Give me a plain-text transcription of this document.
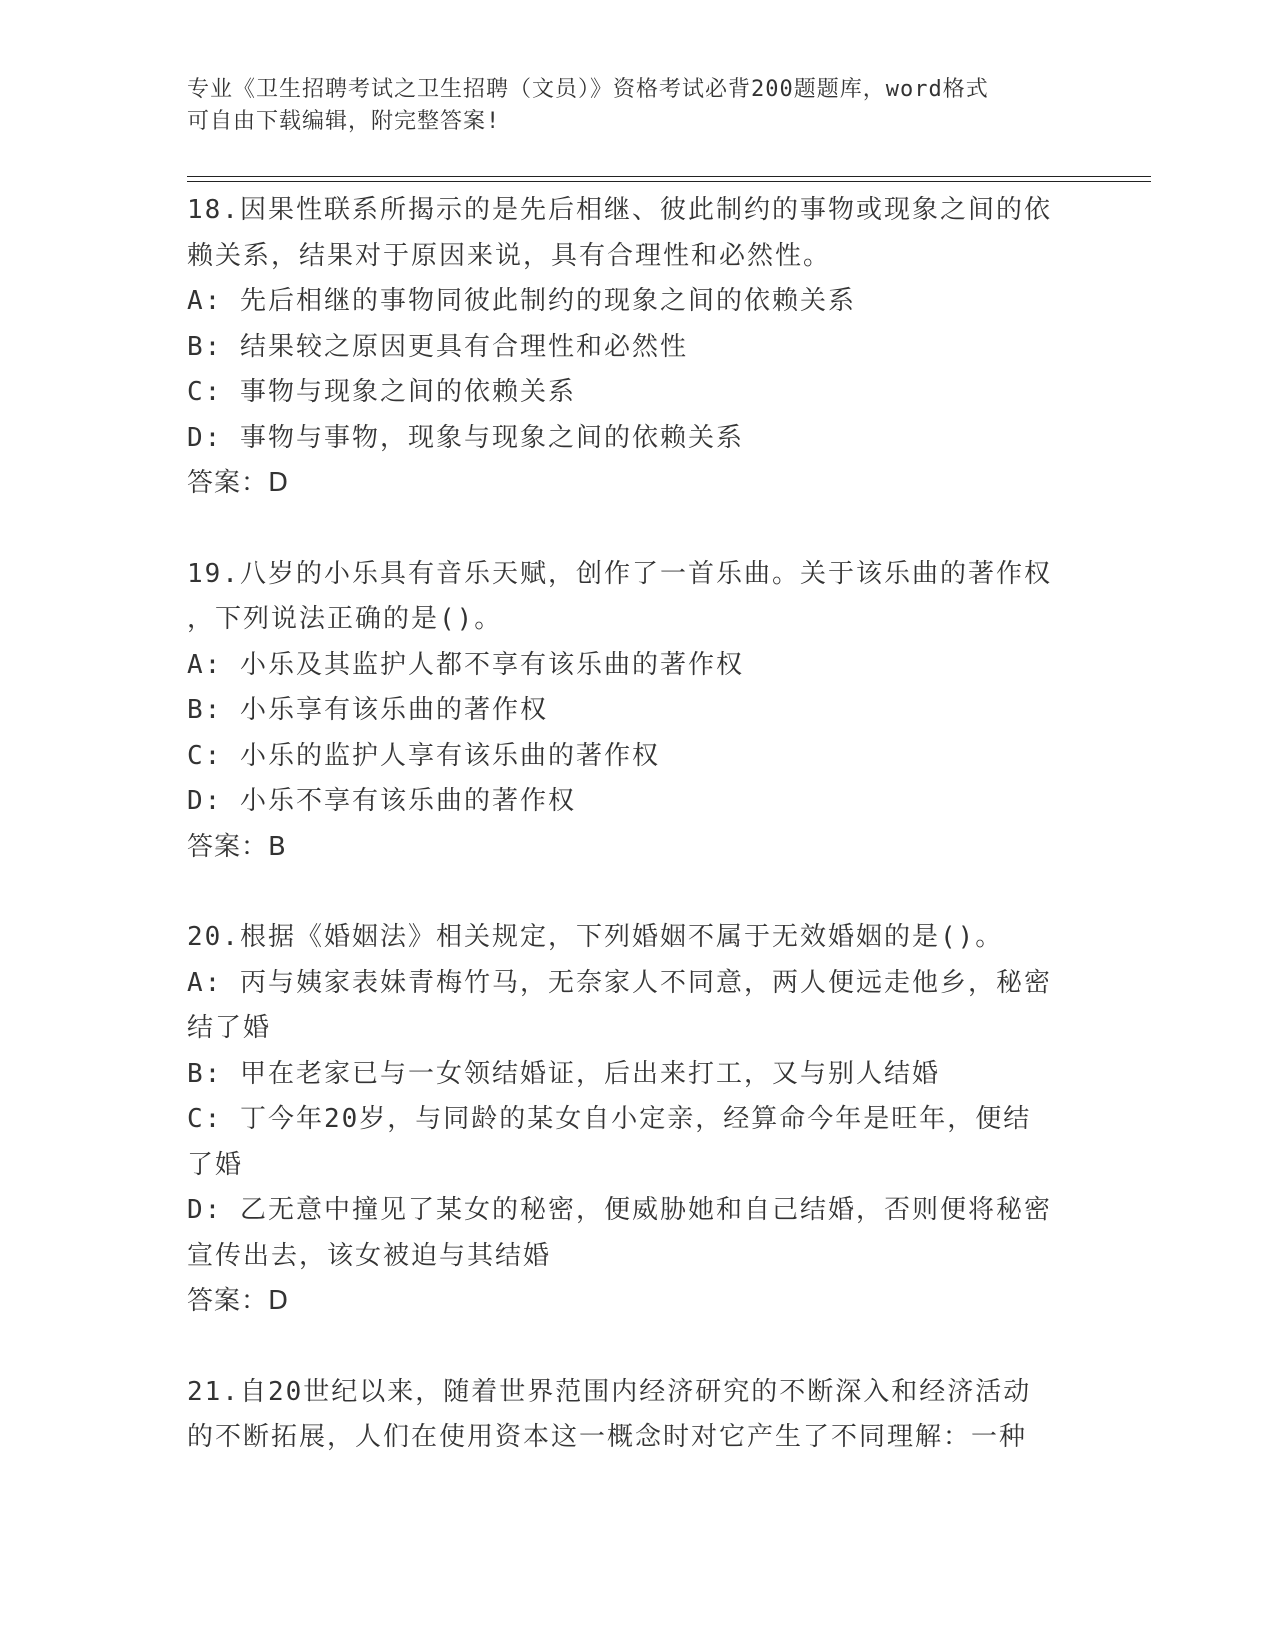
专业《卫生招聘考试之卫生招聘（文员）》资格考试必背200题题库，word格式
可自由下载编辑，附完整答案!
18.因果性联系所揭示的是先后相继、彼此制约的事物或现象之间的依
赖关系，结果对于原因来说，具有合理性和必然性。
A: 先后相继的事物同彼此制约的现象之间的依赖关系
B: 结果较之原因更具有合理性和必然性
C: 事物与现象之间的依赖关系
D: 事物与事物，现象与现象之间的依赖关系
答案：D
19.八岁的小乐具有音乐天赋，创作了一首乐曲。关于该乐曲的著作权
，下列说法正确的是()。
A: 小乐及其监护人都不享有该乐曲的著作权
B: 小乐享有该乐曲的著作权
C: 小乐的监护人享有该乐曲的著作权
D: 小乐不享有该乐曲的著作权
答案：B
20.根据《婚姻法》相关规定，下列婚姻不属于无效婚姻的是()。
A: 丙与姨家表妹青梅竹马，无奈家人不同意，两人便远走他乡，秘密
结了婚
B: 甲在老家已与一女领结婚证，后出来打工，又与别人结婚
C: 丁今年20岁，与同龄的某女自小定亲，经算命今年是旺年，便结
了婚
D: 乙无意中撞见了某女的秘密，便威胁她和自己结婚，否则便将秘密
宣传出去，该女被迫与其结婚
答案：D
21.自20世纪以来，随着世界范围内经济研究的不断深入和经济活动
的不断拓展，人们在使用资本这一概念时对它产生了不同理解：一种
